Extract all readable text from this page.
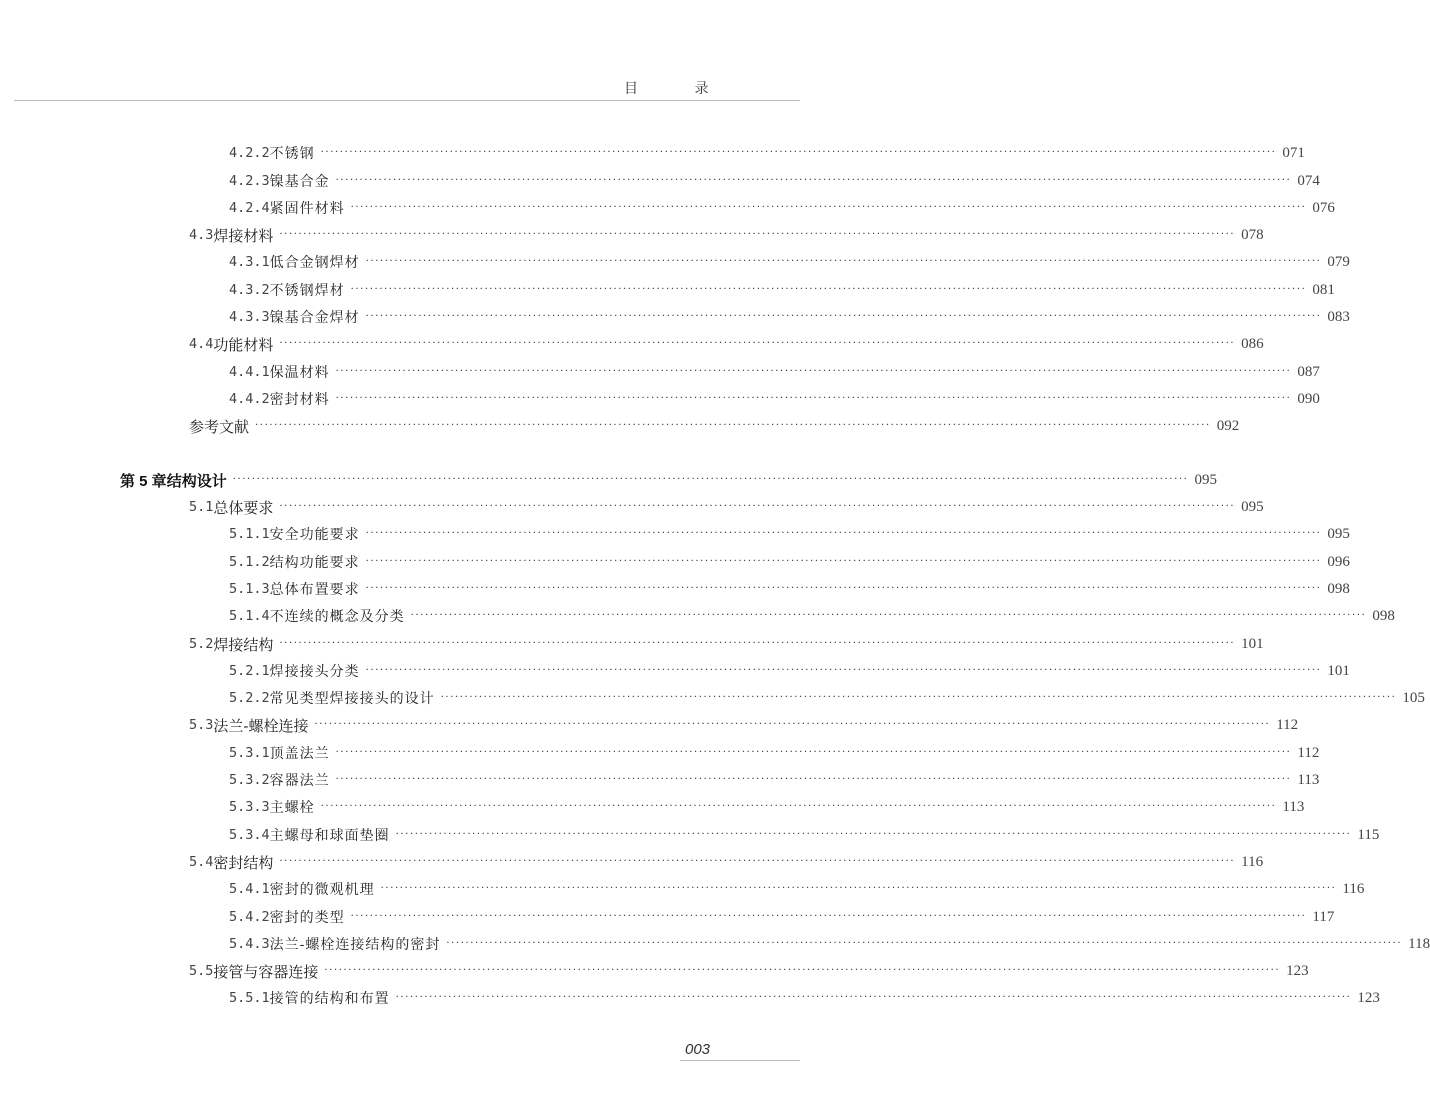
目 录
4.2.2 不锈钢 ········································································································································································································ 071
4.2.3 镍基合金 ········································································································································································································ 074
4.2.4 紧固件材料 ········································································································································································································ 076
4.3 焊接材料 ········································································································································································································ 078
4.3.1 低合金钢焊材 ········································································································································································································ 079
4.3.2 不锈钢焊材 ········································································································································································································ 081
4.3.3 镍基合金焊材 ········································································································································································································ 083
4.4 功能材料 ········································································································································································································ 086
4.4.1 保温材料 ········································································································································································································ 087
4.4.2 密封材料 ········································································································································································································ 090
参考文献 ········································································································································································································ 092
第 5 章 结构设计 ········································································································································································································ 095
5.1 总体要求 ········································································································································································································ 095
5.1.1 安全功能要求 ········································································································································································································ 095
5.1.2 结构功能要求 ········································································································································································································ 096
5.1.3 总体布置要求 ········································································································································································································ 098
5.1.4 不连续的概念及分类 ········································································································································································································ 098
5.2 焊接结构 ········································································································································································································ 101
5.2.1 焊接接头分类 ········································································································································································································ 101
5.2.2 常见类型焊接接头的设计 ········································································································································································································ 105
5.3 法兰-螺栓连接 ········································································································································································································ 112
5.3.1 顶盖法兰 ········································································································································································································ 112
5.3.2 容器法兰 ········································································································································································································ 113
5.3.3 主螺栓 ········································································································································································································ 113
5.3.4 主螺母和球面垫圈 ········································································································································································································ 115
5.4 密封结构 ········································································································································································································ 116
5.4.1 密封的微观机理 ········································································································································································································ 116
5.4.2 密封的类型 ········································································································································································································ 117
5.4.3 法兰-螺栓连接结构的密封 ········································································································································································································ 118
5.5 接管与容器连接 ········································································································································································································ 123
5.5.1 接管的结构和布置 ········································································································································································································ 123
003
